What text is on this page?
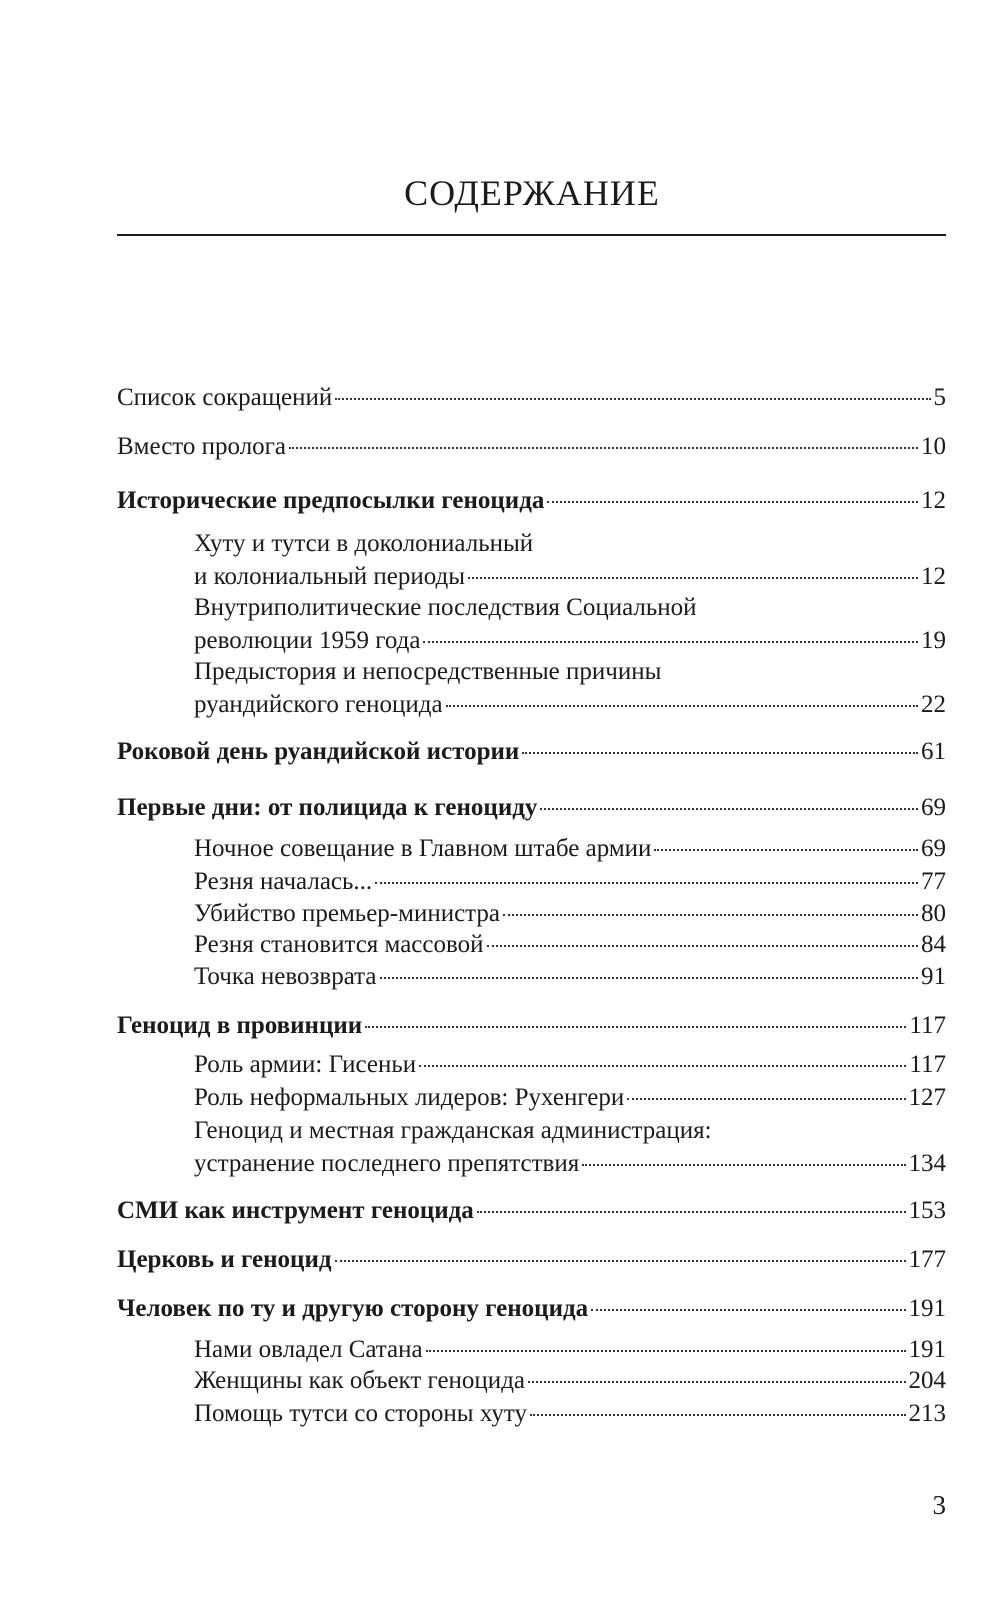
СОДЕРЖАНИЕ
Список сокращений	5
Вместо пролога	10
Исторические предпосылки геноцида	12
Хуту и тутси в доколониальный
и колониальный периоды	12
Внутриполитические последствия Социальной
революции 1959 года	19
Предыстория и непосредственные причины
руандийского геноцида	22
Роковой день руандийской истории	61
Первые дни: от полицида к геноциду	69
Ночное совещание в Главном штабе армии	69
Резня началась...	77
Убийство премьер-министра	80
Резня становится массовой	84
Точка невозврата	91
Геноцид в провинции	117
Роль армии: Гисеньи	117
Роль неформальных лидеров: Рухенгери	127
Геноцид и местная гражданская администрация:
устранение последнего препятствия	134
СМИ как инструмент геноцида	153
Церковь и геноцид	177
Человек по ту и другую сторону геноцида	191
Нами овладел Сатана	191
Женщины как объект геноцида	204
Помощь тутси со стороны хуту	213
3
